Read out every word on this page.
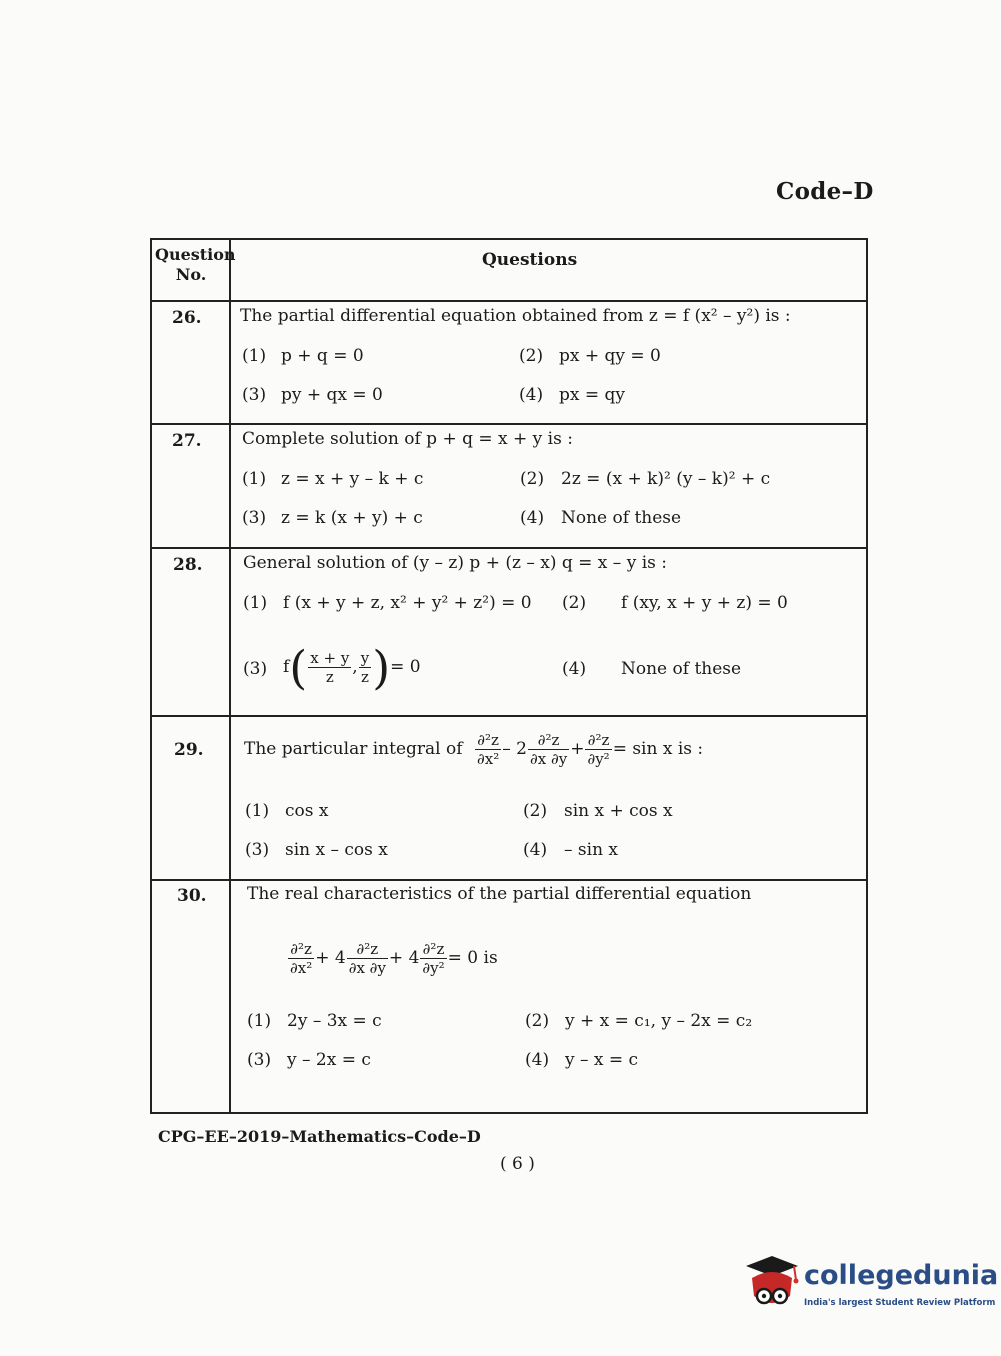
Code–D
Question No.
Questions
26. The partial differential equation obtained from z = f (x² – y²) is :
(1) p + q = 0	(2) px + qy = 0
(3) py + qx = 0	(4) px = qy
27. Complete solution of p + q = x + y is :
(1) z = x + y – k + c	(2) 2z = (x + k)² (y – k)² + c
(3) z = k (x + y) + c	(4) None of these
28. General solution of (y – z) p + (z – x) q = x – y is :
(1) f (x + y + z, x² + y² + z²) = 0 (2) f (xy, x + y + z) = 0
(3) $f( \frac{x + y}{z}$ , $\frac{y}{z}$ )= 0	(4) None of these
29. The particular integral of $\frac{\text{∂²z}}{\text{∂x²}} - 2 \frac{\text{∂²z}}{\partial x \partial y} + \frac{\text{∂²z}}{\text{∂y²}} = \sin x$ is :
(1) cos x	(2) sin x + cos x
(3) sin x – cos x	(4) – sin x
30. The real characteristics of the partial differential equation
$\frac{\text{∂²z}}{\text{∂x²}} + 4 \frac{\text{∂²z}}{\partial x \partial y} + 4 \frac{\text{∂²z}}{\text{∂y²}} = 0$ is
(1) 2y – 3x = c	(2) y + x = c₁, y – 2x = c₂
(3) y – 2x = c	(4) y – x = c
CPG–EE–2019–Mathematics–Code–D
( 6 )
collegedunia
India's largest Student Review Platform
